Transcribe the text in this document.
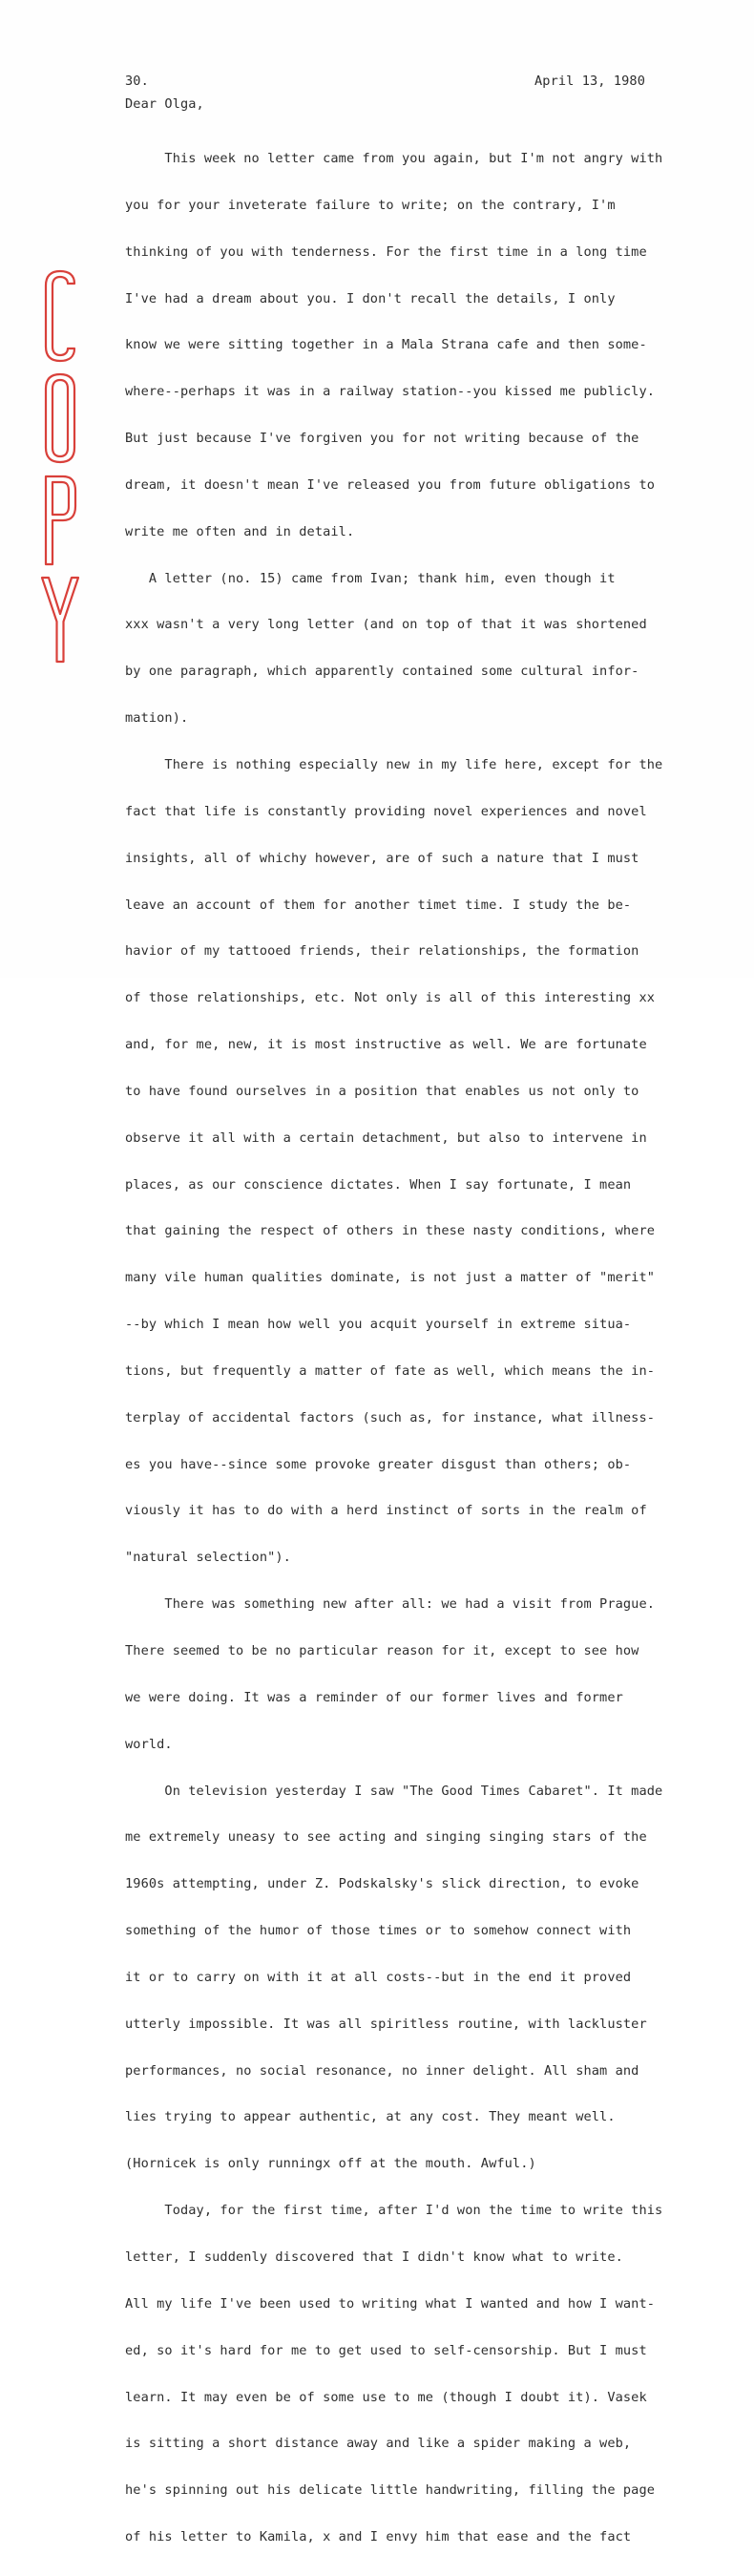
30.	April 13, 1980
Dear Olga,

This week no letter came from you again, but I'm not angry with

you for your inveterate failure to write; on the contrary, I'm

thinking of you with tenderness. For the first time in a long time

I've had a dream about you. I don't recall the details, I only

know we were sitting together in a Mala Strana cafe and then some-

where--perhaps it was in a railway station--you kissed me publicly.

But just because I've forgiven you for not writing because of the

dream, it doesn't mean I've released you from future obligations to

write me often and in detail.

A letter (no. 15) came from Ivan; thank him, even though it

xxx wasn't a very long letter (and on top of that it was shortened

by one paragraph, which apparently contained some cultural infor-

mation).

There is nothing especially new in my life here, except for the

fact that life is constantly providing novel experiences and novel

insights, all of whichy however, are of such a nature that I must

leave an account of them for another timet time. I study the be-

havior of my tattooed friends, their relationships, the formation

of those relationships, etc. Not only is all of this interesting xx

and, for me, new, it is most instructive as well. We are fortunate

to have found ourselves in a position that enables us not only to

observe it all with a certain detachment, but also to intervene in

places, as our conscience dictates. When I say fortunate, I mean

that gaining the respect of others in these nasty conditions, where

many vile human qualities dominate, is not just a matter of "merit"

--by which I mean how well you acquit yourself in extreme situa-

tions, but frequently a matter of fate as well, which means the in-

terplay of accidental factors (such as, for instance, what illness-

es you have--since some provoke greater disgust than others; ob-

viously it has to do with a herd instinct of sorts in the realm of

"natural selection").

There was something new after all: we had a visit from Prague.

There seemed to be no particular reason for it, except to see how

we were doing. It was a reminder of our former lives and former

world.

On television yesterday I saw "The Good Times Cabaret". It made

me extremely uneasy to see acting and singing singing stars of the

1960s attempting, under Z. Podskalsky's slick direction, to evoke

something of the humor of those times or to somehow connect with

it or to carry on with it at all costs--but in the end it proved

utterly impossible. It was all spiritless routine, with lackluster

performances, no social resonance, no inner delight. All sham and

lies trying to appear authentic, at any cost. They meant well.

(Hornicek is only runningx off at the mouth. Awful.)

Today, for the first time, after I'd won the time to write this

letter, I suddenly discovered that I didn't know what to write.

All my life I've been used to writing what I wanted and how I want-

ed, so it's hard for me to get used to self-censorship. But I must

learn. It may even be of some use to me (though I doubt it). Vasek

is sitting a short distance away and like a spider making a web,

he's spinning out his delicate little handwriting, filling the page

of his letter to Kamila, x and I envy him that ease and the fact
